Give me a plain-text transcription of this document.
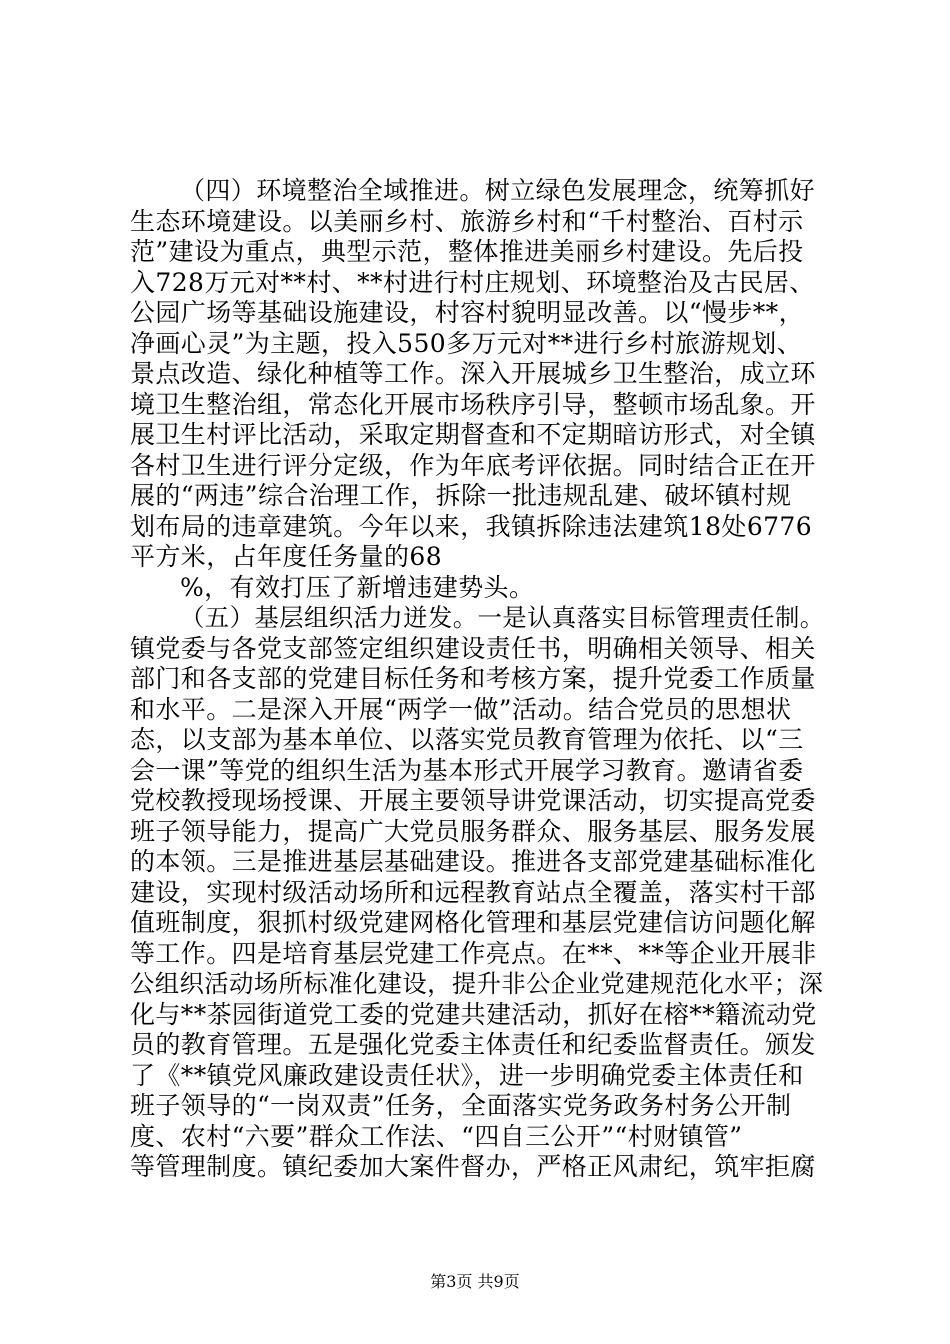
（四）环境整治全域推进。树立绿色发展理念，统筹抓好
生态环境建设。以美丽乡村、旅游乡村和“千村整治、百村示
范”建设为重点，典型示范，整体推进美丽乡村建设。先后投
入728万元对**村、**村进行村庄规划、环境整治及古民居、
公园广场等基础设施建设，村容村貌明显改善。以“慢步**，
净画心灵”为主题，投入550多万元对**进行乡村旅游规划、
景点改造、绿化种植等工作。深入开展城乡卫生整治，成立环
境卫生整治组，常态化开展市场秩序引导，整顿市场乱象。开
展卫生村评比活动，采取定期督查和不定期暗访形式，对全镇
各村卫生进行评分定级，作为年底考评依据。同时结合正在开
展的“两违”综合治理工作，拆除一批违规乱建、破坏镇村规
划布局的违章建筑。今年以来，我镇拆除违法建筑18处6776
平方米，占年度任务量的68
%，有效打压了新增违建势头。
（五）基层组织活力迸发。一是认真落实目标管理责任制。
镇党委与各党支部签定组织建设责任书，明确相关领导、相关
部门和各支部的党建目标任务和考核方案，提升党委工作质量
和水平。二是深入开展“两学一做”活动。结合党员的思想状
态，以支部为基本单位、以落实党员教育管理为依托、以“三
会一课”等党的组织生活为基本形式开展学习教育。邀请省委
党校教授现场授课、开展主要领导讲党课活动，切实提高党委
班子领导能力，提高广大党员服务群众、服务基层、服务发展
的本领。三是推进基层基础建设。推进各支部党建基础标准化
建设，实现村级活动场所和远程教育站点全覆盖，落实村干部
值班制度，狠抓村级党建网格化管理和基层党建信访问题化解
等工作。四是培育基层党建工作亮点。在**、**等企业开展非
公组织活动场所标准化建设，提升非公企业党建规范化水平；深
化与**茶园街道党工委的党建共建活动，抓好在榕**籍流动党
员的教育管理。五是强化党委主体责任和纪委监督责任。颁发
了《**镇党风廉政建设责任状》，进一步明确党委主体责任和
班子领导的“一岗双责”任务，全面落实党务政务村务公开制
度、农村“六要”群众工作法、“四自三公开”“村财镇管”
等管理制度。镇纪委加大案件督办，严格正风肃纪，筑牢拒腐
第3页 共9页
